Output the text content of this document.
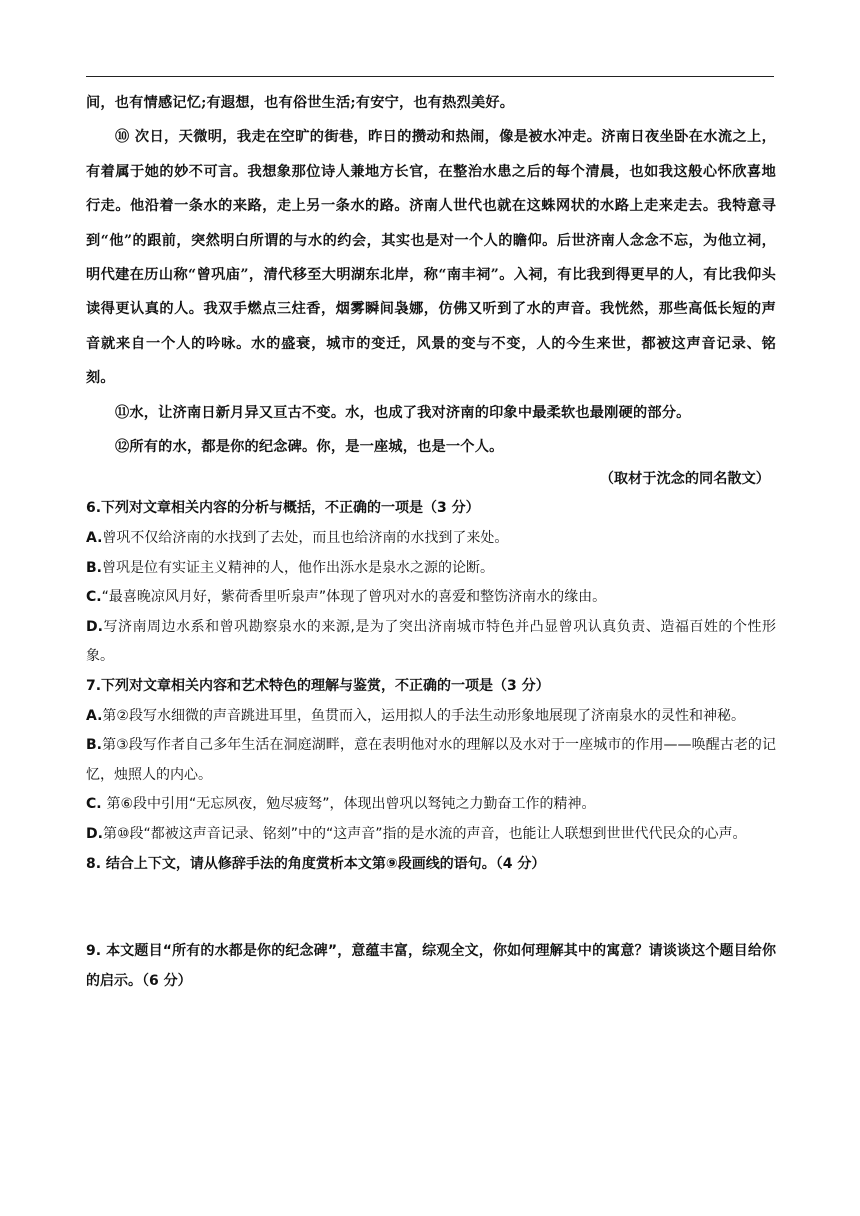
间，也有情感记忆;有遐想，也有俗世生活;有安宁，也有热烈美好。

⑩ 次日，天微明，我走在空旷的街巷，昨日的攒动和热闹，像是被水冲走。济南日夜坐卧在水流之上，有着属于她的妙不可言。我想象那位诗人兼地方长官，在整治水患之后的每个清晨，也如我这般心怀欣喜地行走。他沿着一条水的来路，走上另一条水的路。济南人世代也就在这蛛网状的水路上走来走去。我特意寻到“他”的跟前，突然明白所谓的与水的约会，其实也是对一个人的瞻仰。后世济南人念念不忘，为他立祠，明代建在历山称“曾巩庙”，清代移至大明湖东北岸，称“南丰祠”。入祠，有比我到得更早的人，有比我仰头读得更认真的人。我双手燃点三炷香，烟雾瞬间袅娜，仿佛又听到了水的声音。我恍然，那些高低长短的声音就来自一个人的吟咏。水的盛衰，城市的变迁，风景的变与不变，人的今生来世，都被这声音记录、铭刻。

⑪水，让济南日新月异又亘古不变。水，也成了我对济南的印象中最柔软也最刚硬的部分。

⑫所有的水，都是你的纪念碑。你，是一座城，也是一个人。

（取材于沈念的同名散文）

6.下列对文章相关内容的分析与概括，不正确的一项是（3 分）

A.曾巩不仅给济南的水找到了去处，而且也给济南的水找到了来处。

B.曾巩是位有实证主义精神的人，他作出泺水是泉水之源的论断。

C.“最喜晚凉风月好，紫荷香里听泉声”体现了曾巩对水的喜爱和整饬济南水的缘由。

D.写济南周边水系和曾巩勘察泉水的来源,是为了突出济南城市特色并凸显曾巩认真负责、造福百姓的个性形象。

7.下列对文章相关内容和艺术特色的理解与鉴赏，不正确的一项是（3 分）

A.第②段写水细微的声音跳进耳里，鱼贯而入，运用拟人的手法生动形象地展现了济南泉水的灵性和神秘。

B.第③段写作者自己多年生活在洞庭湖畔，意在表明他对水的理解以及水对于一座城市的作用——唤醒古老的记忆，烛照人的内心。

C. 第⑥段中引用“无忘夙夜，勉尽疲驽”，体现出曾巩以驽钝之力勤奋工作的精神。

D.第⑩段“都被这声音记录、铭刻”中的“这声音”指的是水流的声音，也能让人联想到世世代代民众的心声。

8. 结合上下文，请从修辞手法的角度赏析本文第⑨段画线的语句。（4 分）

9. 本文题目“所有的水都是你的纪念碑”，意蕴丰富，综观全文，你如何理解其中的寓意？请谈谈这个题目给你的启示。（6 分）
